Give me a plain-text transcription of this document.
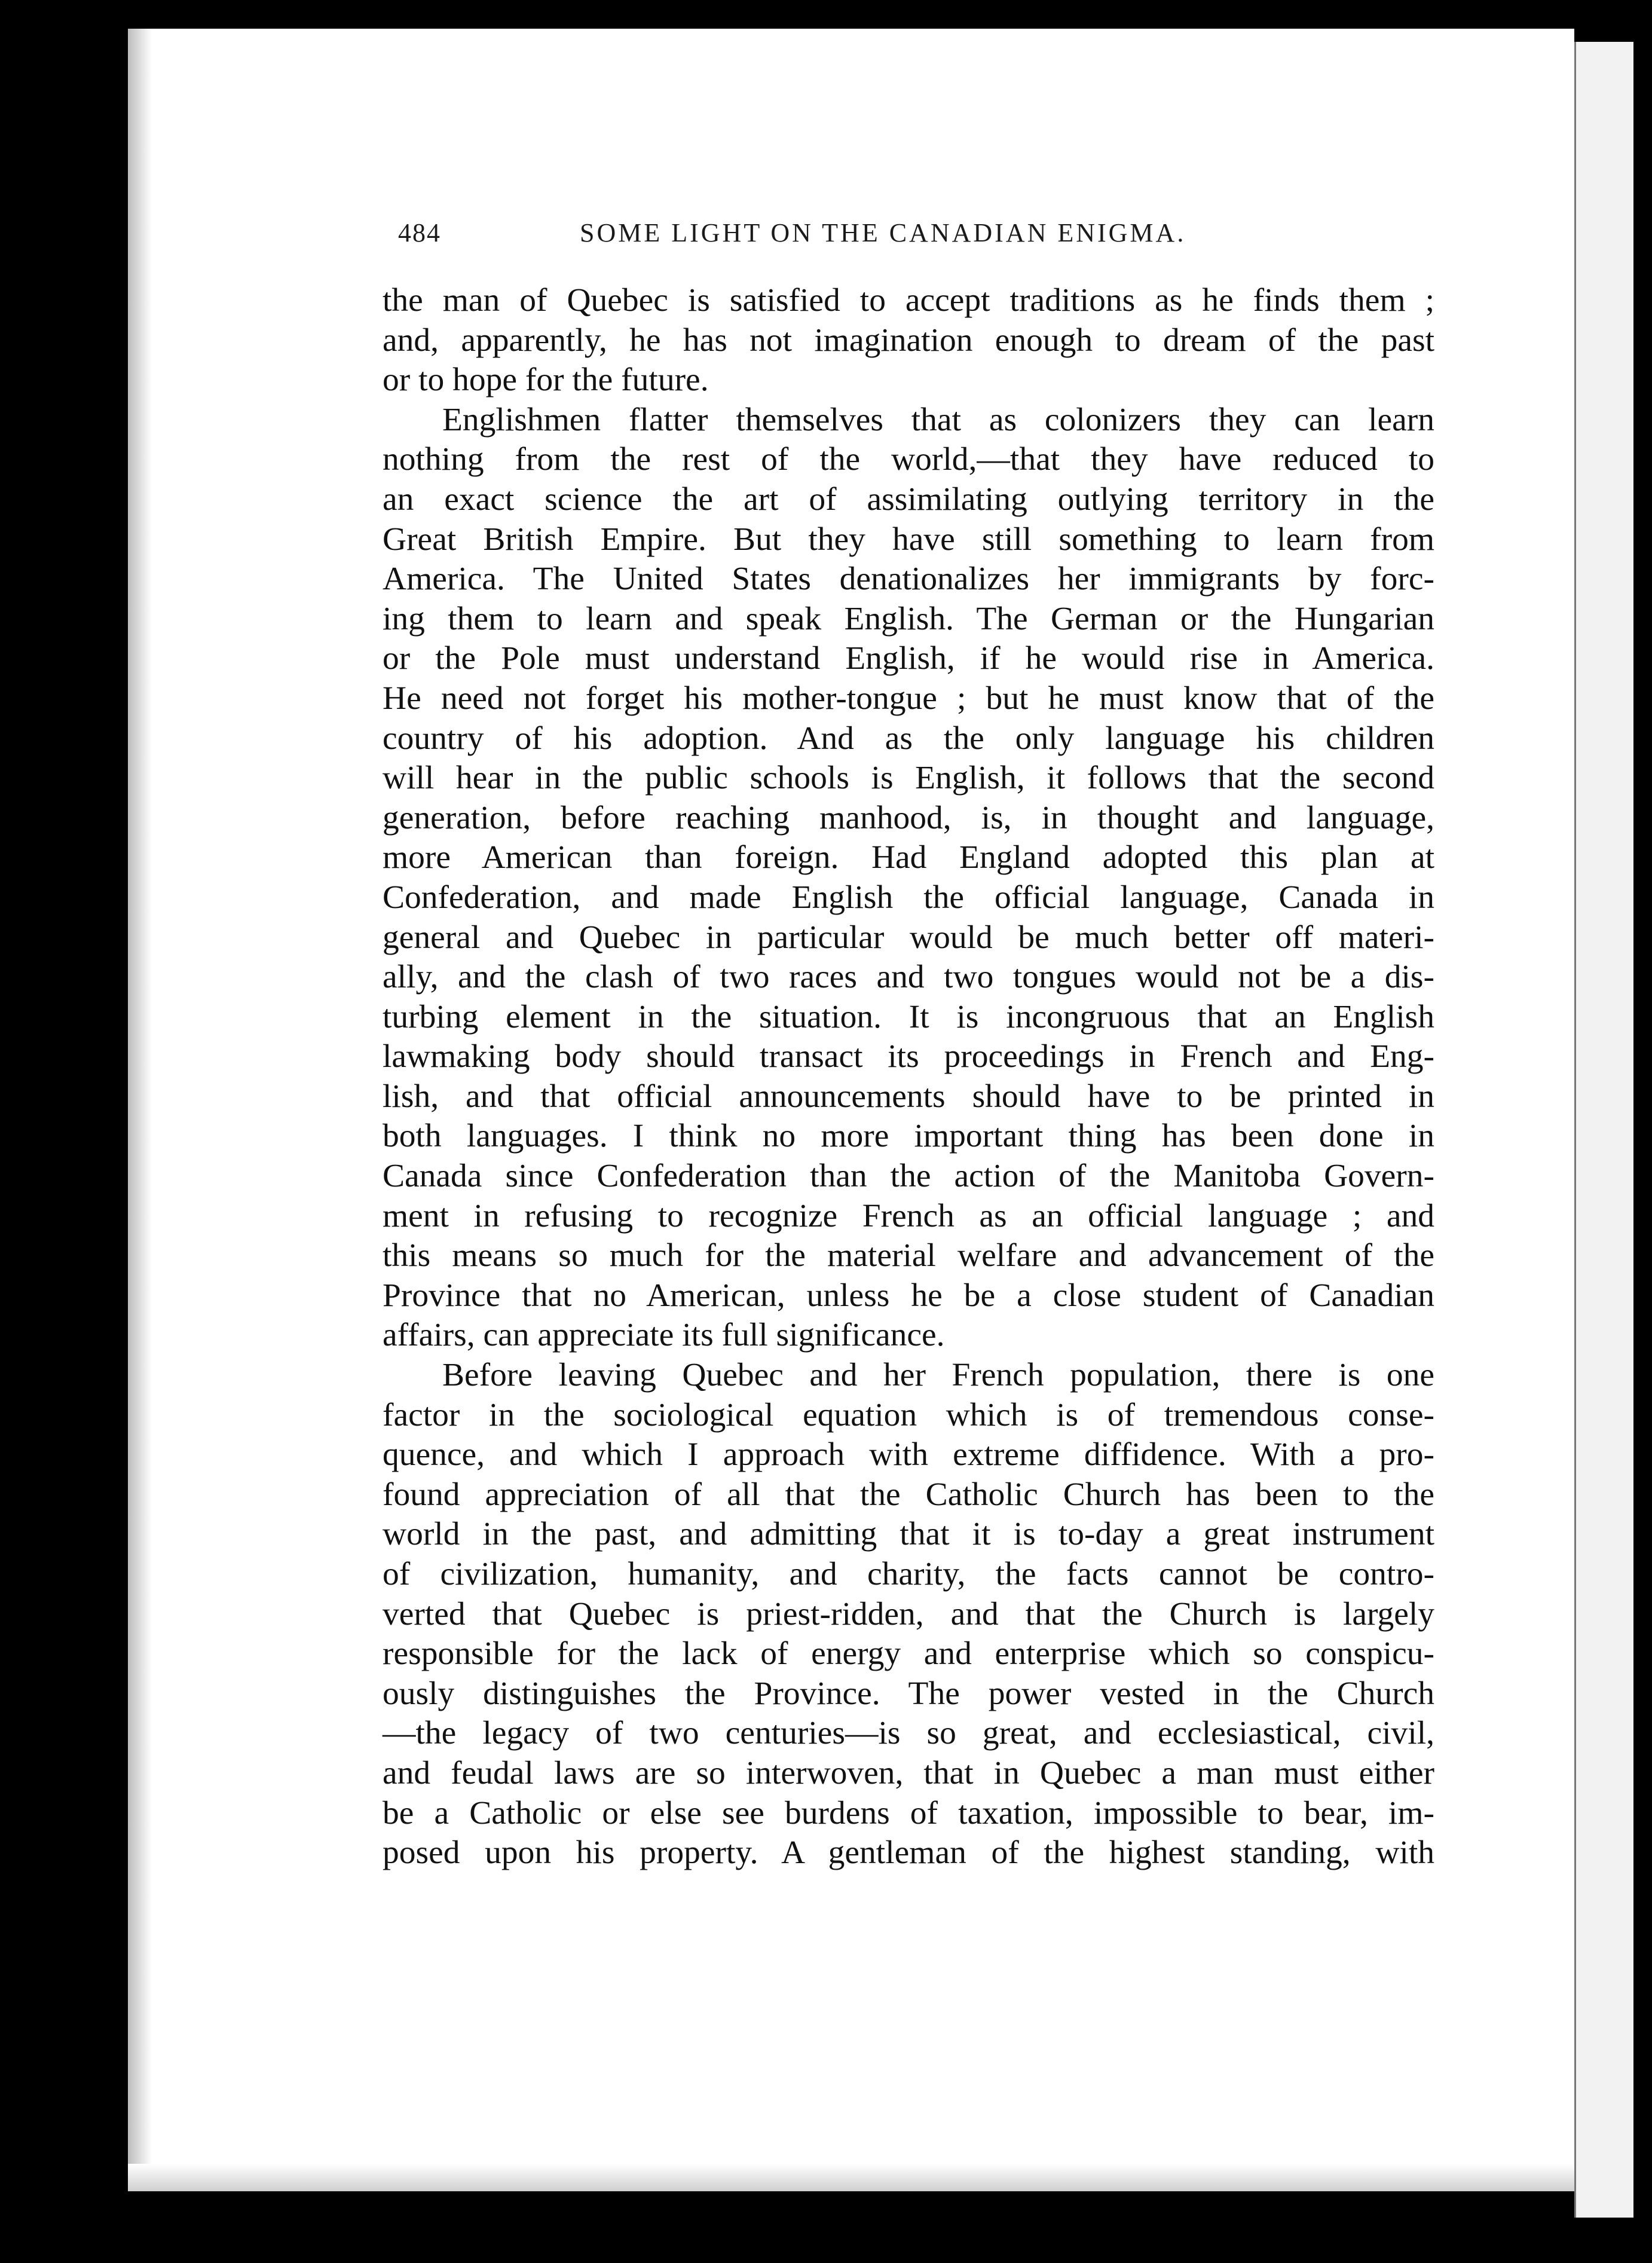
484	SOME LIGHT ON THE CANADIAN ENIGMA.
the man of Quebec is satisfied to accept traditions as he finds them ;
and, apparently, he has not imagination enough to dream of the past
or to hope for the future.
Englishmen flatter themselves that as colonizers they can learn
nothing from the rest of the world,—that they have reduced to
an exact science the art of assimilating outlying territory in the
Great British Empire. But they have still something to learn from
America. The United States denationalizes her immigrants by forc-
ing them to learn and speak English. The German or the Hungarian
or the Pole must understand English, if he would rise in America.
He need not forget his mother-tongue ; but he must know that of the
country of his adoption. And as the only language his children
will hear in the public schools is English, it follows that the second
generation, before reaching manhood, is, in thought and language,
more American than foreign. Had England adopted this plan at
Confederation, and made English the official language, Canada in
general and Quebec in particular would be much better off materi-
ally, and the clash of two races and two tongues would not be a dis-
turbing element in the situation. It is incongruous that an English
lawmaking body should transact its proceedings in French and Eng-
lish, and that official announcements should have to be printed in
both languages. I think no more important thing has been done in
Canada since Confederation than the action of the Manitoba Govern-
ment in refusing to recognize French as an official language ; and
this means so much for the material welfare and advancement of the
Province that no American, unless he be a close student of Canadian
affairs, can appreciate its full significance.
Before leaving Quebec and her French population, there is one
factor in the sociological equation which is of tremendous conse-
quence, and which I approach with extreme diffidence. With a pro-
found appreciation of all that the Catholic Church has been to the
world in the past, and admitting that it is to-day a great instrument
of civilization, humanity, and charity, the facts cannot be contro-
verted that Quebec is priest-ridden, and that the Church is largely
responsible for the lack of energy and enterprise which so conspicu-
ously distinguishes the Province. The power vested in the Church
—the legacy of two centuries—is so great, and ecclesiastical, civil,
and feudal laws are so interwoven, that in Quebec a man must either
be a Catholic or else see burdens of taxation, impossible to bear, im-
posed upon his property. A gentleman of the highest standing, with
